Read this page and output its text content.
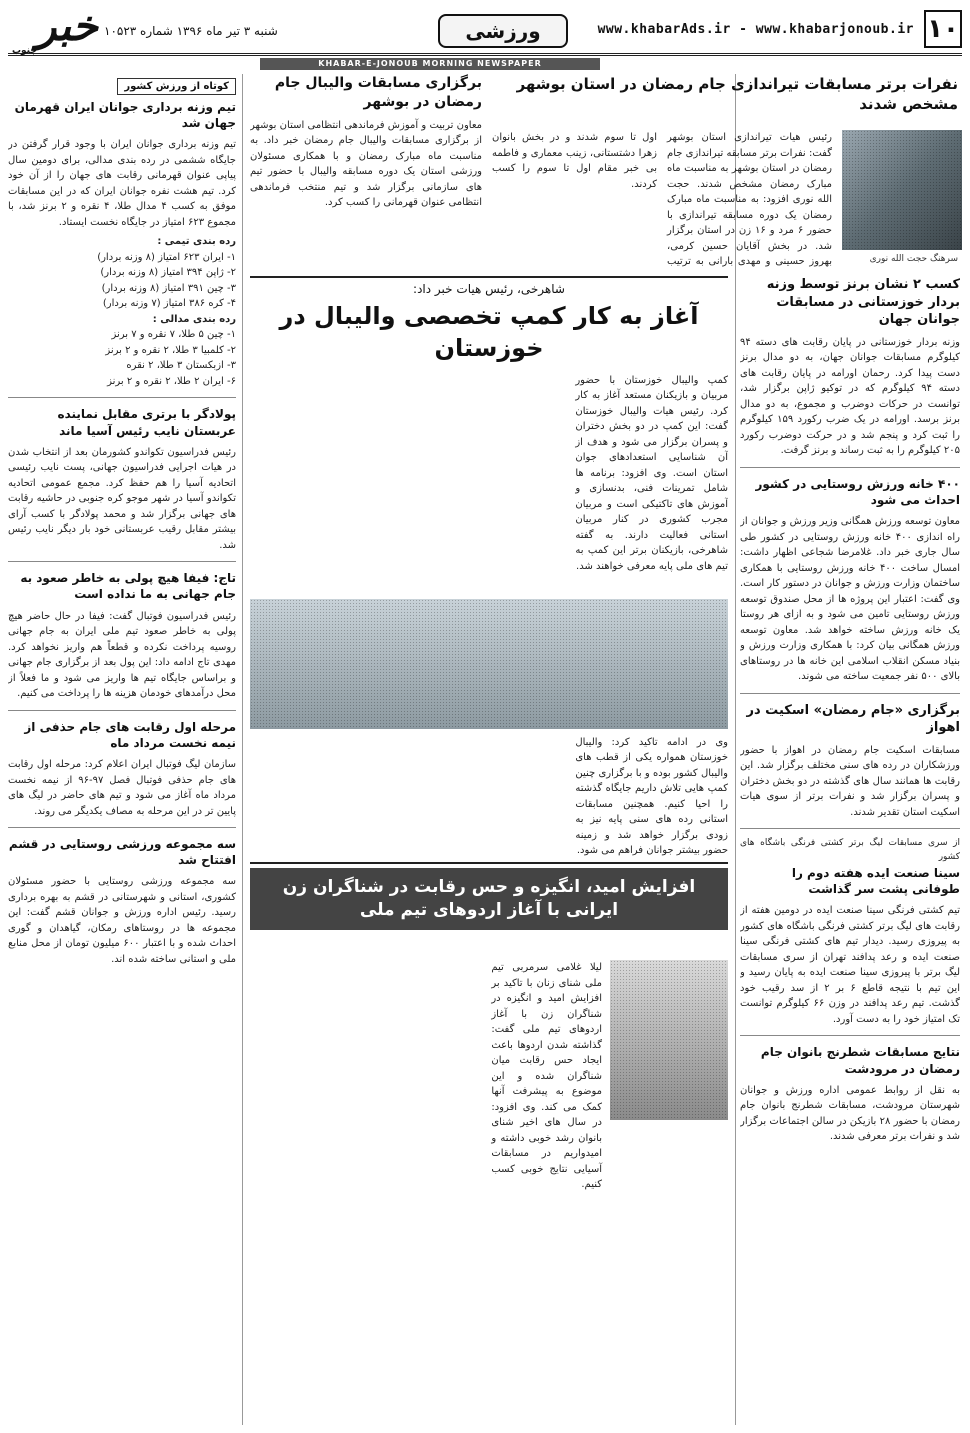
۱۰
www.khabarAds.ir - www.khabarjonoub.ir
ورزشی
شنبه ۳ تیر ماه ۱۳۹۶ شماره ۱۰۵۲۳
خبر
جنوب
KHABAR-E-JONOUB MORNING NEWSPAPER
کسب ۲ نشان برنز توسط وزنه بردار خوزستانی در مسابقات جوانان جهان
وزنه بردار خوزستانی در پایان رقابت های دسته ۹۴ کیلوگرم مسابقات جوانان جهان، به دو مدال برنز دست پیدا کرد. رحمان اورامه در پایان رقابت های دسته ۹۴ کیلوگرم که در توکیو ژاپن برگزار شد، توانست در حرکات دوضرب و مجموع، به دو مدال برنز برسد. اورامه در یک ضرب رکورد ۱۵۹ کیلوگرم را ثبت کرد و پنجم شد و در حرکت دوضرب رکورد ۲۰۵ کیلوگرم را به ثبت رساند و برنز گرفت.
۴۰۰ خانه ورزش روستایی در کشور احداث می شود
معاون توسعه ورزش همگانی وزیر ورزش و جوانان از راه اندازی ۴۰۰ خانه ورزش روستایی در کشور طی سال جاری خبر داد. غلامرضا شجاعی اظهار داشت: امسال ساخت ۴۰۰ خانه ورزش روستایی با همکاری ساختمان وزارت ورزش و جوانان در دستور کار است. وی گفت: اعتبار این پروژه ها از محل صندوق توسعه ورزش روستایی تامین می شود و به ازای هر روستا یک خانه ورزش ساخته خواهد شد. معاون توسعه ورزش همگانی بیان کرد: با همکاری وزارت ورزش و بنیاد مسکن انقلاب اسلامی این خانه ها در روستاهای بالای ۵۰۰ نفر جمعیت ساخته می شوند.
برگزاری «جام رمضان» اسکیت در اهواز
مسابقات اسکیت جام رمضان در اهواز با حضور ورزشکاران در رده های سنی مختلف برگزار شد. این رقابت ها همانند سال های گذشته در دو بخش دختران و پسران برگزار شد و نفرات برتر از سوی هیات اسکیت استان تقدیر شدند.
از سری مسابقات لیگ برتر کشتی فرنگی باشگاه های کشور
سینا صنعت ایده هفته دوم را طوفانی پشت سر گذاشت
تیم کشتی فرنگی سینا صنعت ایده در دومین هفته از رقابت های لیگ برتر کشتی فرنگی باشگاه های کشور به پیروزی رسید. دیدار تیم های کشتی فرنگی سینا صنعت ایده و رعد پدافند تهران از سری مسابقات لیگ برتر با پیروزی سینا صنعت ایده به پایان رسید و این تیم با نتیجه قاطع ۶ بر ۲ از سد رقیب خود گذشت. تیم رعد پدافند در وزن ۶۶ کیلوگرم توانست تک امتیاز خود را به دست آورد.
نتایج مسابقات شطرنج بانوان جام رمضان در مرودشت
به نقل از روابط عمومی اداره ورزش و جوانان شهرستان مرودشت، مسابقات شطرنج بانوان جام رمضان با حضور ۲۸ بازیکن در سالن اجتماعات برگزار شد و نفرات برتر معرفی شدند.
نفرات برتر مسابقات تیراندازی جام رمضان در استان بوشهر مشخص شدند
سرهنگ حجت الله نوری
رئیس هیات تیراندازی استان بوشهر گفت: نفرات برتر مسابقه تیراندازی جام رمضان در استان بوشهر به مناسبت ماه مبارک رمضان مشخص شدند. حجت الله نوری افزود: به مناسبت ماه مبارک رمضان یک دوره مسابقه تیراندازی با حضور ۶ مرد و ۱۶ زن در استان برگزار شد. در بخش آقایان حسین کرمی، بهروز حسینی و مهدی بارانی به ترتیب اول تا سوم شدند و در بخش بانوان زهرا دشتستانی، زینب معماری و فاطمه بی خبر مقام اول تا سوم را کسب کردند.
برگزاری مسابقات والیبال جام رمضان در بوشهر
معاون تربیت و آموزش فرماندهی انتظامی استان بوشهر از برگزاری مسابقات والیبال جام رمضان خبر داد. به مناسبت ماه مبارک رمضان و با همکاری مسئولان ورزشی استان یک دوره مسابقه والیبال با حضور تیم های سازمانی برگزار شد و تیم منتخب فرماندهی انتظامی عنوان قهرمانی را کسب کرد.
کوتاه از ورزش کشور
تیم وزنه برداری جوانان ایران قهرمان جهان شد
تیم وزنه برداری جوانان ایران با وجود قرار گرفتن در جایگاه ششمی در رده بندی مدالی، برای دومین سال پیاپی عنوان قهرمانی رقابت های جهان را از آن خود کرد. تیم هشت نفره جوانان ایران که در این مسابقات موفق به کسب ۴ مدال طلا، ۴ نقره و ۲ برنز شد، با مجموع ۶۲۳ امتیاز در جایگاه نخست ایستاد.
رده بندی تیمی :
۱- ایران ۶۲۳ امتیاز (۸ وزنه بردار)
۲- ژاپن ۳۹۴ امتیاز (۸ وزنه بردار)
۳- چین ۳۹۱ امتیاز (۸ وزنه بردار)
۴- کره ۳۸۶ امتیاز (۷ وزنه بردار)
رده بندی مدالی :
۱- چین ۵ طلا، ۷ نقره و ۷ برنز
۲- کلمبیا ۳ طلا، ۲ نقره و ۲ برنز
۳- ازبکستان ۳ طلا، ۲ نقره
۶- ایران ۲ طلا، ۲ نقره و ۲ برنز
پولادگر با برتری مقابل نماینده عربستان نایب رئیس آسیا ماند
رئیس فدراسیون تکواندو کشورمان بعد از انتخاب شدن در هیات اجرایی فدراسیون جهانی، پست نایب رئیسی اتحادیه آسیا را هم حفظ کرد. مجمع عمومی اتحادیه تکواندو آسیا در شهر موجو کره جنوبی در حاشیه رقابت های جهانی برگزار شد و محمد پولادگر با کسب آرای بیشتر مقابل رقیب عربستانی خود بار دیگر نایب رئیس شد.
تاج: فیفا هیچ پولی به خاطر صعود به جام جهانی به ما نداده است
رئیس فدراسیون فوتبال گفت: فیفا در حال حاضر هیچ پولی به خاطر صعود تیم ملی ایران به جام جهانی روسیه پرداخت نکرده و قطعاً هم واریز نخواهد کرد. مهدی تاج ادامه داد: این پول بعد از برگزاری جام جهانی و براساس جایگاه تیم ها واریز می شود و ما فعلاً از محل درآمدهای خودمان هزینه ها را پرداخت می کنیم.
مرحله اول رقابت های جام حذفی از نیمه نخست مرداد ماه
سازمان لیگ فوتبال ایران اعلام کرد: مرحله اول رقابت های جام حذفی فوتبال فصل ۹۷-۹۶ از نیمه نخست مرداد ماه آغاز می شود و تیم های حاضر در لیگ های پایین تر در این مرحله به مصاف یکدیگر می روند.
سه مجموعه ورزشی روستایی در قشم افتتاح شد
سه مجموعه ورزشی روستایی با حضور مسئولان کشوری، استانی و شهرستانی در قشم به بهره برداری رسید. رئیس اداره ورزش و جوانان قشم گفت: این مجموعه ها در روستاهای رمکان، گیاهدان و گوری احداث شده و با اعتبار ۶۰۰ میلیون تومان از محل منابع ملی و استانی ساخته شده اند.
شاهرخی، رئیس هیات خبر داد:
آغاز به کار کمپ تخصصی والیبال در خوزستان
کمپ والیبال خوزستان با حضور مربیان و بازیکنان مستعد آغاز به کار کرد. رئیس هیات والیبال خوزستان گفت: این کمپ در دو بخش دختران و پسران برگزار می شود و هدف از آن شناسایی استعدادهای جوان استان است. وی افزود: برنامه ها شامل تمرینات فنی، بدنسازی و آموزش های تاکتیکی است و مربیان مجرب کشوری در کنار مربیان استانی فعالیت دارند. به گفته شاهرخی، بازیکنان برتر این کمپ به تیم های ملی پایه معرفی خواهند شد.
وی در ادامه تاکید کرد: والیبال خوزستان همواره یکی از قطب های والیبال کشور بوده و با برگزاری چنین کمپ هایی تلاش داریم جایگاه گذشته را احیا کنیم. همچنین مسابقات استانی رده های سنی پایه نیز به زودی برگزار خواهد شد و زمینه حضور بیشتر جوانان فراهم می شود.
افزایش امید، انگیزه و حس رقابت در شناگران زن ایرانی با آغاز اردوهای تیم ملی
لیلا غلامی سرمربی تیم ملی شنای زنان با تاکید بر افزایش امید و انگیزه در شناگران زن با آغاز اردوهای تیم ملی گفت: گذاشته شدن اردوها باعث ایجاد حس رقابت میان شناگران شده و این موضوع به پیشرفت آنها کمک می کند. وی افزود: در سال های اخیر شنای بانوان رشد خوبی داشته و امیدواریم در مسابقات آسیایی نتایج خوبی کسب کنیم.
